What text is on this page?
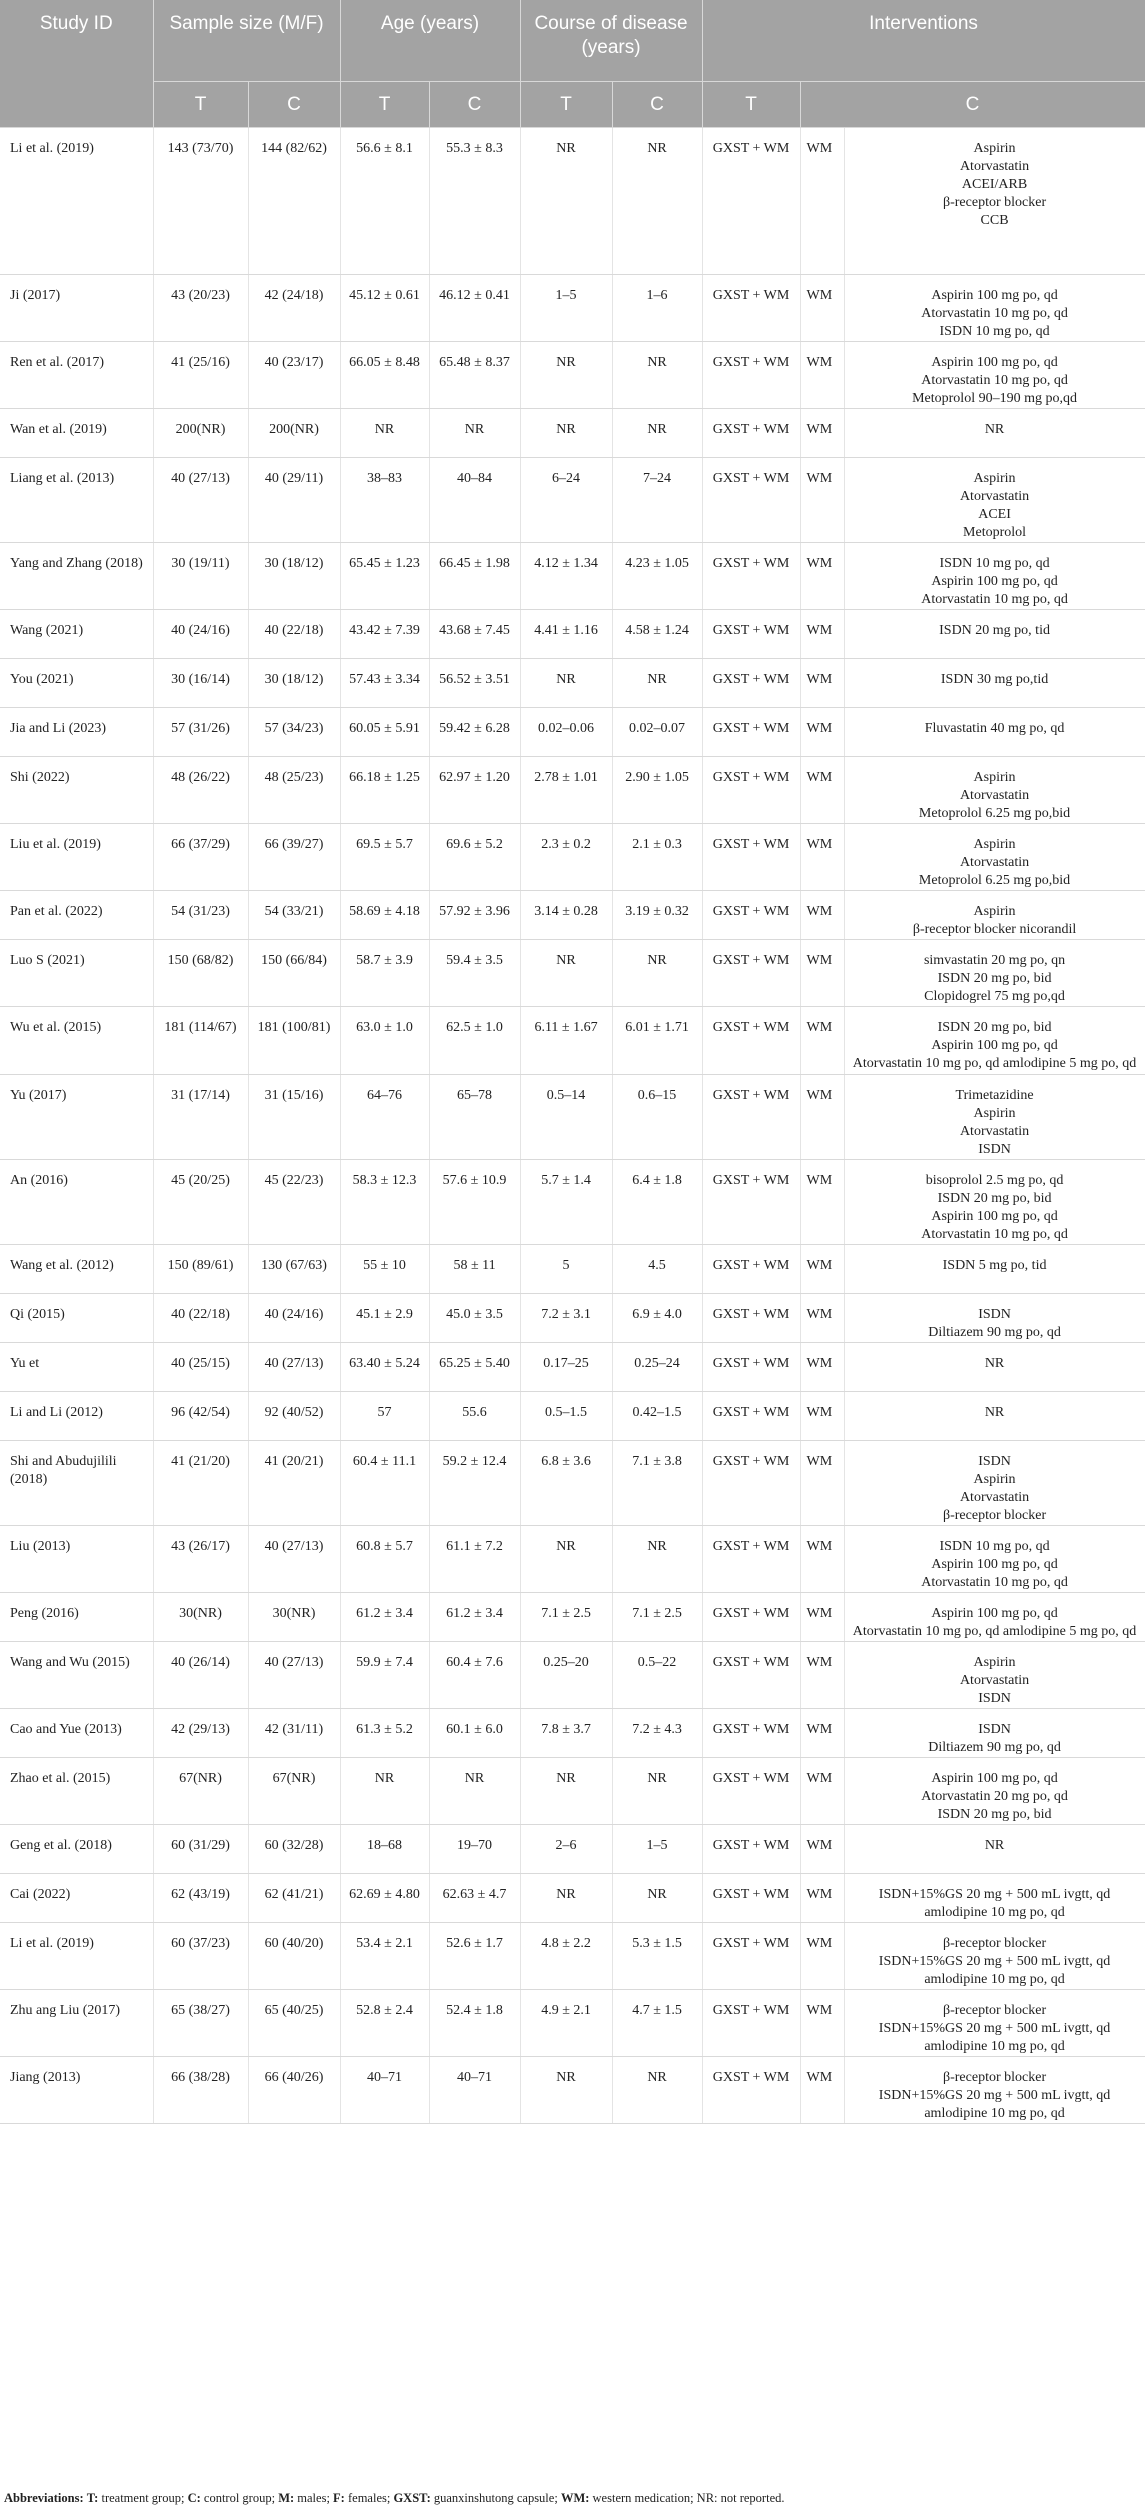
Study ID	Sample size (M/F)		Age (years)		Course of disease (years)		Interventions		
	T	C	T	C	T	C	T	C	
Li et al. (2019)	143 (73/70)	144 (82/62)	56.6 ± 8.1	55.3 ± 8.3	NR	NR	GXST + WM	WM	Aspirin
Atorvastatin
ACEI/ARB
β-receptor blocker
CCB
Ji (2017)	43 (20/23)	42 (24/18)	45.12 ± 0.61	46.12 ± 0.41	1–5	1–6	GXST + WM	WM	Aspirin 100 mg po, qd
Atorvastatin 10 mg po, qd
ISDN 10 mg po, qd
Ren et al. (2017)	41 (25/16)	40 (23/17)	66.05 ± 8.48	65.48 ± 8.37	NR	NR	GXST + WM	WM	Aspirin 100 mg po, qd
Atorvastatin 10 mg po, qd
Metoprolol 90–190 mg po,qd
Wan et al. (2019)	200(NR)	200(NR)	NR	NR	NR	NR	GXST + WM	WM	NR
Liang et al. (2013)	40 (27/13)	40 (29/11)	38–83	40–84	6–24	7–24	GXST + WM	WM	Aspirin
Atorvastatin
ACEI
Metoprolol
Yang and Zhang (2018)	30 (19/11)	30 (18/12)	65.45 ± 1.23	66.45 ± 1.98	4.12 ± 1.34	4.23 ± 1.05	GXST + WM	WM	ISDN 10 mg po, qd
Aspirin 100 mg po, qd
Atorvastatin 10 mg po, qd
Wang (2021)	40 (24/16)	40 (22/18)	43.42 ± 7.39	43.68 ± 7.45	4.41 ± 1.16	4.58 ± 1.24	GXST + WM	WM	ISDN 20 mg po, tid
You (2021)	30 (16/14)	30 (18/12)	57.43 ± 3.34	56.52 ± 3.51	NR	NR	GXST + WM	WM	ISDN 30 mg po,tid
Jia and Li (2023)	57 (31/26)	57 (34/23)	60.05 ± 5.91	59.42 ± 6.28	0.02–0.06	0.02–0.07	GXST + WM	WM	Fluvastatin 40 mg po, qd
Shi (2022)	48 (26/22)	48 (25/23)	66.18 ± 1.25	62.97 ± 1.20	2.78 ± 1.01	2.90 ± 1.05	GXST + WM	WM	Aspirin
Atorvastatin
Metoprolol 6.25 mg po,bid
Liu et al. (2019)	66 (37/29)	66 (39/27)	69.5 ± 5.7	69.6 ± 5.2	2.3 ± 0.2	2.1 ± 0.3	GXST + WM	WM	Aspirin
Atorvastatin
Metoprolol 6.25 mg po,bid
Pan et al. (2022)	54 (31/23)	54 (33/21)	58.69 ± 4.18	57.92 ± 3.96	3.14 ± 0.28	3.19 ± 0.32	GXST + WM	WM	Aspirin
β-receptor blocker nicorandil
Luo S (2021)	150 (68/82)	150 (66/84)	58.7 ± 3.9	59.4 ± 3.5	NR	NR	GXST + WM	WM	simvastatin 20 mg po, qn
ISDN 20 mg po, bid
Clopidogrel 75 mg po,qd
Wu et al. (2015)	181 (114/67)	181 (100/81)	63.0 ± 1.0	62.5 ± 1.0	6.11 ± 1.67	6.01 ± 1.71	GXST + WM	WM	ISDN 20 mg po, bid
Aspirin 100 mg po, qd
Atorvastatin 10 mg po, qd amlodipine 5 mg po, qd
Yu (2017)	31 (17/14)	31 (15/16)	64–76	65–78	0.5–14	0.6–15	GXST + WM	WM	Trimetazidine
Aspirin
Atorvastatin
ISDN
An (2016)	45 (20/25)	45 (22/23)	58.3 ± 12.3	57.6 ± 10.9	5.7 ± 1.4	6.4 ± 1.8	GXST + WM	WM	bisoprolol 2.5 mg po, qd
ISDN 20 mg po, bid
Aspirin 100 mg po, qd
Atorvastatin 10 mg po, qd
Wang et al. (2012)	150 (89/61)	130 (67/63)	55 ± 10	58 ± 11	5	4.5	GXST + WM	WM	ISDN 5 mg po, tid
Qi (2015)	40 (22/18)	40 (24/16)	45.1 ± 2.9	45.0 ± 3.5	7.2 ± 3.1	6.9 ± 4.0	GXST + WM	WM	ISDN
Diltiazem 90 mg po, qd
Yu et	40 (25/15)	40 (27/13)	63.40 ± 5.24	65.25 ± 5.40	0.17–25	0.25–24	GXST + WM	WM	NR
Li and Li (2012)	96 (42/54)	92 (40/52)	57	55.6	0.5–1.5	0.42–1.5	GXST + WM	WM	NR
Shi and Abudujilili (2018)	41 (21/20)	41 (20/21)	60.4 ± 11.1	59.2 ± 12.4	6.8 ± 3.6	7.1 ± 3.8	GXST + WM	WM	ISDN
Aspirin
Atorvastatin
β-receptor blocker
Liu (2013)	43 (26/17)	40 (27/13)	60.8 ± 5.7	61.1 ± 7.2	NR	NR	GXST + WM	WM	ISDN 10 mg po, qd
Aspirin 100 mg po, qd
Atorvastatin 10 mg po, qd
Peng (2016)	30(NR)	30(NR)	61.2 ± 3.4	61.2 ± 3.4	7.1 ± 2.5	7.1 ± 2.5	GXST + WM	WM	Aspirin 100 mg po, qd
Atorvastatin 10 mg po, qd amlodipine 5 mg po, qd
Wang and Wu (2015)	40 (26/14)	40 (27/13)	59.9 ± 7.4	60.4 ± 7.6	0.25–20	0.5–22	GXST + WM	WM	Aspirin
Atorvastatin
ISDN
Cao and Yue (2013)	42 (29/13)	42 (31/11)	61.3 ± 5.2	60.1 ± 6.0	7.8 ± 3.7	7.2 ± 4.3	GXST + WM	WM	ISDN
Diltiazem 90 mg po, qd
Zhao et al. (2015)	67(NR)	67(NR)	NR	NR	NR	NR	GXST + WM	WM	Aspirin 100 mg po, qd
Atorvastatin 20 mg po, qd
ISDN 20 mg po, bid
Geng et al. (2018)	60 (31/29)	60 (32/28)	18–68	19–70	2–6	1–5	GXST + WM	WM	NR
Cai (2022)	62 (43/19)	62 (41/21)	62.69 ± 4.80	62.63 ± 4.7	NR	NR	GXST + WM	WM	ISDN+15%GS 20 mg + 500 mL ivgtt, qd
amlodipine 10 mg po, qd
Li et al. (2019)	60 (37/23)	60 (40/20)	53.4 ± 2.1	52.6 ± 1.7	4.8 ± 2.2	5.3 ± 1.5	GXST + WM	WM	β-receptor blocker
ISDN+15%GS 20 mg + 500 mL ivgtt, qd
amlodipine 10 mg po, qd
Zhu ang Liu (2017)	65 (38/27)	65 (40/25)	52.8 ± 2.4	52.4 ± 1.8	4.9 ± 2.1	4.7 ± 1.5	GXST + WM	WM	β-receptor blocker
ISDN+15%GS 20 mg + 500 mL ivgtt, qd
amlodipine 10 mg po, qd
Jiang (2013)	66 (38/28)	66 (40/26)	40–71	40–71	NR	NR	GXST + WM	WM	β-receptor blocker
ISDN+15%GS 20 mg + 500 mL ivgtt, qd
amlodipine 10 mg po, qd
Abbreviations: T: treatment group; C: control group; M: males; F: females; GXST: guanxinshutong capsule; WM: western medication; NR: not reported.
